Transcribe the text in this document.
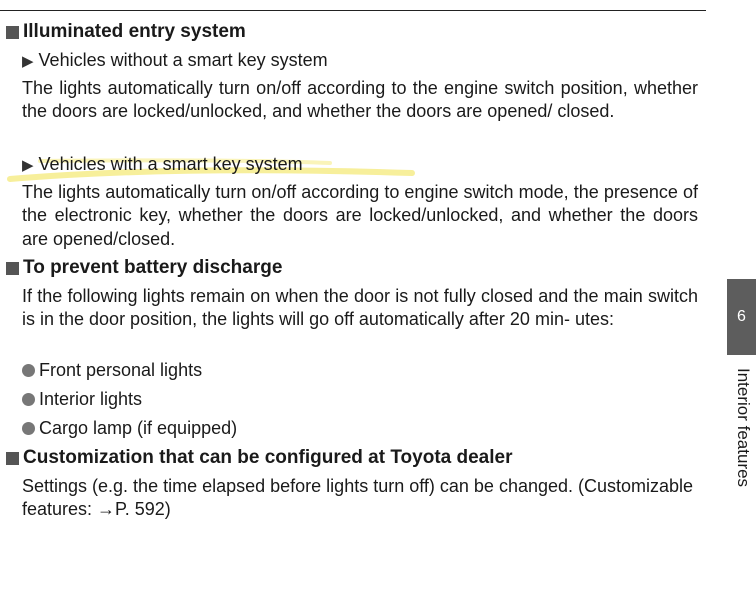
Illuminated entry system
▶ Vehicles without a smart key system
The lights automatically turn on/off according to the engine switch position, whether the doors are locked/unlocked, and whether the doors are opened/ closed.
▶ Vehicles with a smart key system
The lights automatically turn on/off according to engine switch mode, the presence of the electronic key, whether the doors are locked/unlocked, and whether the doors are opened/closed.
To prevent battery discharge
If the following lights remain on when the door is not fully closed and the main switch is in the door position, the lights will go off automatically after 20 min- utes:
Front personal lights
Interior lights
Cargo lamp (if equipped)
Customization that can be configured at Toyota dealer
Settings (e.g. the time elapsed before lights turn off) can be changed. (Customizable features: →P. 592)
6
Interior features
